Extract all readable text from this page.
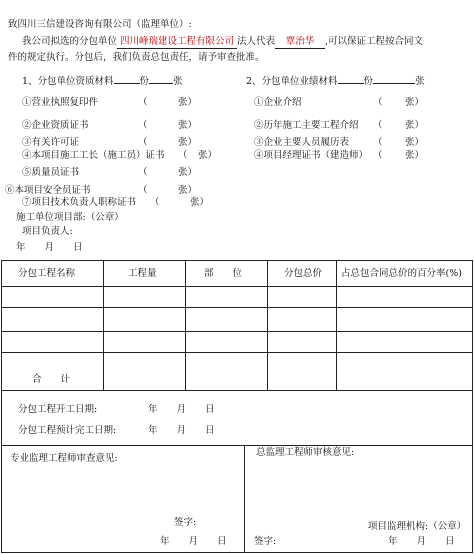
致四川三信建设咨询有限公司（监理单位）:
我公司拟选的分包单位 四川峰瑞建设工程有限公司 法人代表 覃治华 ,可以保证工程按合同文
件的规定执行。分包后，我们负责总包责任，请予审查批准。
1、分包单位资质材料	份	张
①营业执照复印件	（	张）
②企业资质证书	（	张）
③有关许可证	（	张）
④本项目施工工长（施工员）证书 （ 张）
⑤质量员证书	（	张）
⑥本项目安全员证书	（	张）
⑦项目技术负责人职称证书 （	张）
2、分包单位业绩材料	份	张
①企业介绍	（ 张）
②历年施工主要工程介绍 （ 张）
③企业主要人员履历表	（ 张）
④项目经理证书（建造师） （ 张）
施工单位项目部:（公章）
项目负责人:
年　　月　　日
分包工程名称	工程量	部　　位	分包总价 占总包合同总价的百分率(%)
合　　计
分包工程开工日期:	年　　月　　日
分包工程预计完工日期:	年　　月　　日
专业监理工程师审查意见:
总监理工程师审核意见:
签字:
年　　月　　日
项目监理机构:（公章）
签字:	年　　月　　日
